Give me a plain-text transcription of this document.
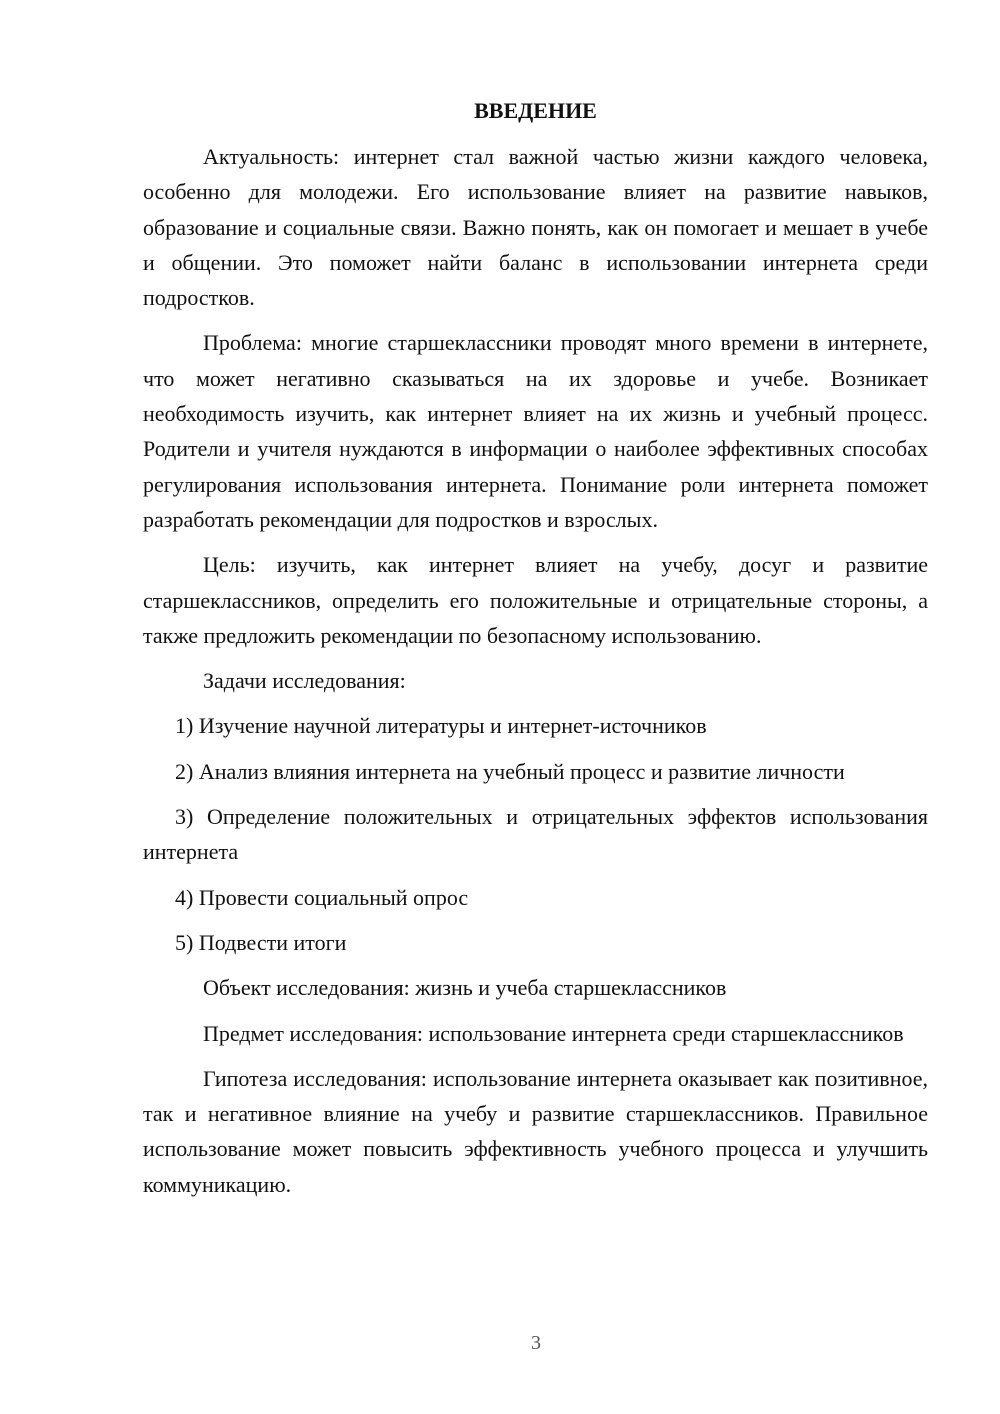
ВВЕДЕНИЕ

Актуальность: интернет стал важной частью жизни каждого человека, особенно для молодежи. Его использование влияет на развитие навыков, образование и социальные связи. Важно понять, как он помогает и мешает в учебе и общении. Это поможет найти баланс в использовании интернета среди подростков.

Проблема: многие старшеклассники проводят много времени в интернете, что может негативно сказываться на их здоровье и учебе. Возникает необходимость изучить, как интернет влияет на их жизнь и учебный процесс. Родители и учителя нуждаются в информации о наиболее эффективных способах регулирования использования интернета. Понимание роли интернета поможет разработать рекомендации для подростков и взрослых.

Цель: изучить, как интернет влияет на учебу, досуг и развитие старшеклассников, определить его положительные и отрицательные стороны, а также предложить рекомендации по безопасному использованию.

Задачи исследования:

1) Изучение научной литературы и интернет-источников

2) Анализ влияния интернета на учебный процесс и развитие личности

3) Определение положительных и отрицательных эффектов использования интернета

4) Провести социальный опрос

5) Подвести итоги

Объект исследования: жизнь и учеба старшеклассников

Предмет исследования: использование интернета среди старшеклассников

Гипотеза исследования: использование интернета оказывает как позитивное, так и негативное влияние на учебу и развитие старшеклассников. Правильное использование может повысить эффективность учебного процесса и улучшить коммуникацию.

3
